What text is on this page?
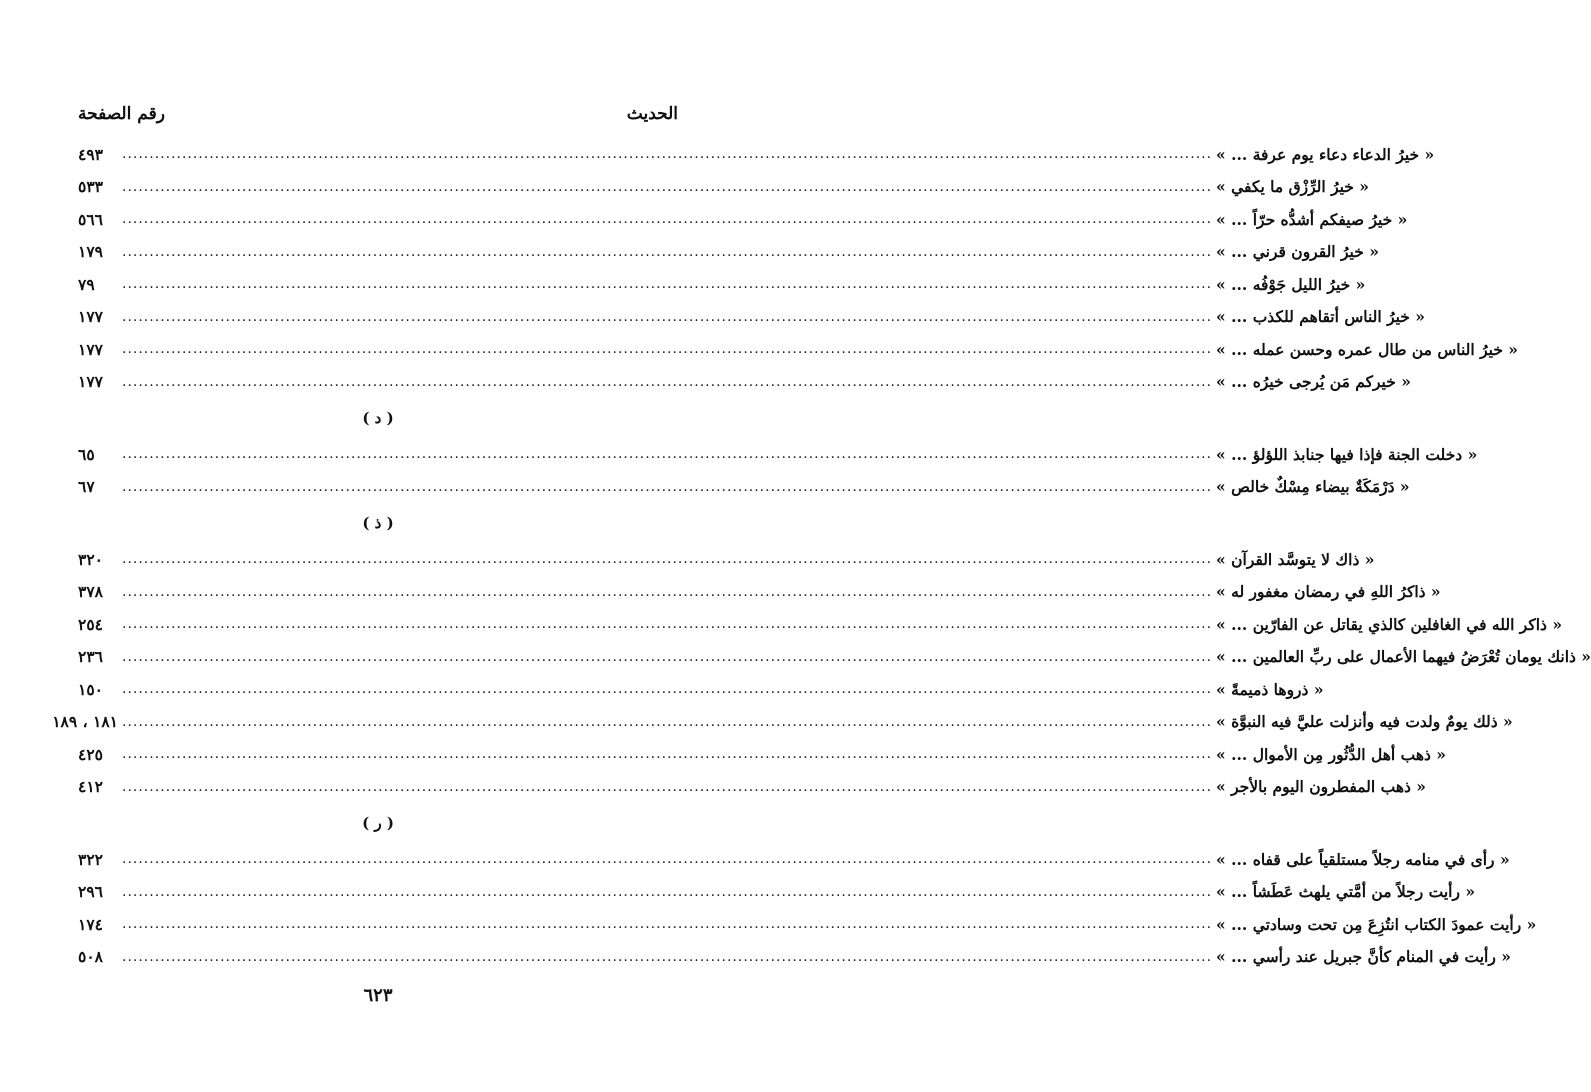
رقم الصفحة	الحديث
٤٩٣	........................................................................................................................................................................................................ « خيرُ الدعاء دعاء يوم عرفة ... »
٥٣٣	........................................................................................................................................................................................................ « خيرُ الرِّزْق ما يكفي »
٥٦٦	........................................................................................................................................................................................................ « خيرُ صيفكم أشدُّه حرّاً ... »
١٧٩	........................................................................................................................................................................................................ « خيرُ القرون قرني ... »
٧٩	........................................................................................................................................................................................................ « خيرُ الليل جَوْفُه ... »
١٧٧	........................................................................................................................................................................................................ « خيرُ الناس أتقاهم للكذب ... »
١٧٧	........................................................................................................................................................................................................ « خيرُ الناس من طال عمره وحسن عمله ... »
١٧٧	........................................................................................................................................................................................................ « خيركم مَن يُرجى خيرُه ... »
( د )
٦٥	........................................................................................................................................................................................................ « دخلت الجنة فإذا فيها جنابذ اللؤلؤ ... »
٦٧	........................................................................................................................................................................................................ « دَرْمَكَةٌ بيضاء مِسْكٌ خالص »
( ذ )
٣٢٠	........................................................................................................................................................................................................ « ذاك لا يتوسَّد القرآن »
٣٧٨	........................................................................................................................................................................................................ « ذاكرُ اللهِ في رمضان مغفور له »
٢٥٤	........................................................................................................................................................................................................ « ذاكر الله في الغافلين كالذي يقاتل عن الفارّين ... »
٢٣٦	........................................................................................................................................................................................................ « ذانك يومان تُعْرَضُ فيهما الأعمال على ربِّ العالمين ... »
١٥٠	........................................................................................................................................................................................................ « ذروها ذميمةً »
١٨١ ، ١٨٩ ........................................................................................................................................................................................................ « ذلك يومٌ ولدت فيه وأنزلت عليَّ فيه النبوَّة »
٤٢٥	........................................................................................................................................................................................................ « ذهب أهل الدُّثُور مِن الأموال ... »
٤١٢	........................................................................................................................................................................................................ « ذهب المفطرون اليوم بالأجر »
( ر )
٣٢٢	........................................................................................................................................................................................................ « رأى في منامه رجلاً مستلقياً على قفاه ... »
٢٩٦	........................................................................................................................................................................................................ « رأيت رجلاً من أمَّتي يلهث عَطَشاً ... »
١٧٤	........................................................................................................................................................................................................ « رأيت عمودَ الكتاب انتُزِعَ مِن تحت وسادتي ... »
٥٠٨	........................................................................................................................................................................................................ « رأيت في المنام كأنَّ جبريل عند رأسي ... »
٦٢٣
